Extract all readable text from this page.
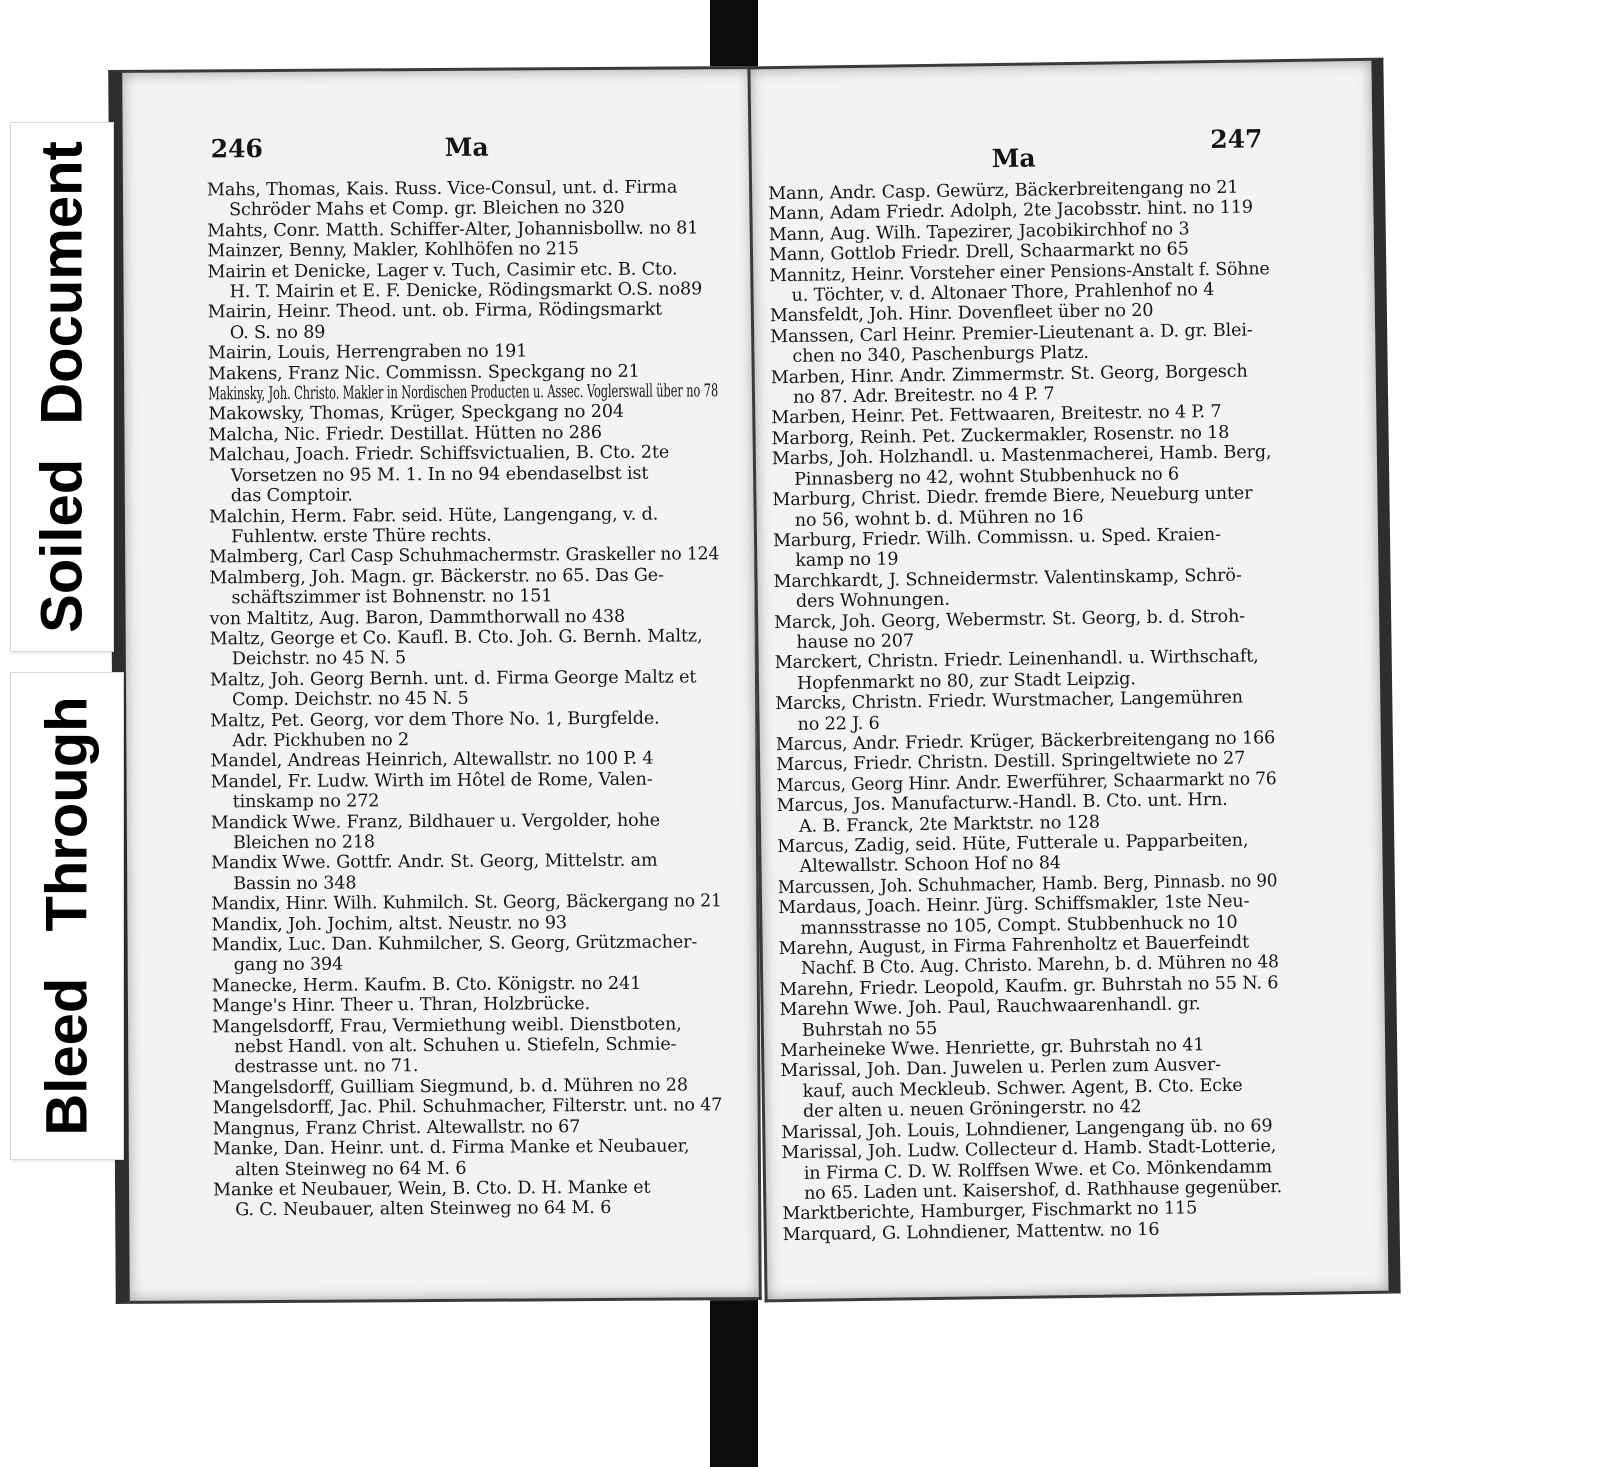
246	Ma
Mahs, Thomas, Kais. Russ. Vice-Consul, unt. d. Firma
Schröder Mahs et Comp. gr. Bleichen no 320
Mahts, Conr. Matth. Schiffer-Alter, Johannisbollw. no 81
Mainzer, Benny, Makler, Kohlhöfen no 215
Mairin et Denicke, Lager v. Tuch, Casimir etc. B. Cto.
H. T. Mairin et E. F. Denicke, Rödingsmarkt O.S. no89
Mairin, Heinr. Theod. unt. ob. Firma, Rödingsmarkt
O. S. no 89
Mairin, Louis, Herrengraben no 191
Makens, Franz Nic. Commissn. Speckgang no 21
Makinsky, Joh. Christo. Makler in Nordischen Producten u. Assec. Voglerswall über no 78
Makowsky, Thomas, Krüger, Speckgang no 204
Malcha, Nic. Friedr. Destillat. Hütten no 286
Malchau, Joach. Friedr. Schiffsvictualien, B. Cto. 2te
Vorsetzen no 95 M. 1. In no 94 ebendaselbst ist
das Comptoir.
Malchin, Herm. Fabr. seid. Hüte, Langengang, v. d.
Fuhlentw. erste Thüre rechts.
Malmberg, Carl Casp Schuhmachermstr. Graskeller no 124
Malmberg, Joh. Magn. gr. Bäckerstr. no 65. Das Ge-
schäftszimmer ist Bohnenstr. no 151
von Maltitz, Aug. Baron, Dammthorwall no 438
Maltz, George et Co. Kaufl. B. Cto. Joh. G. Bernh. Maltz,
Deichstr. no 45 N. 5
Maltz, Joh. Georg Bernh. unt. d. Firma George Maltz et
Comp. Deichstr. no 45 N. 5
Maltz, Pet. Georg, vor dem Thore No. 1, Burgfelde.
Adr. Pickhuben no 2
Mandel, Andreas Heinrich, Altewallstr. no 100 P. 4
Mandel, Fr. Ludw. Wirth im Hôtel de Rome, Valen-
tinskamp no 272
Mandick Wwe. Franz, Bildhauer u. Vergolder, hohe
Bleichen no 218
Mandix Wwe. Gottfr. Andr. St. Georg, Mittelstr. am
Bassin no 348
Mandix, Hinr. Wilh. Kuhmilch. St. Georg, Bäckergang no 21
Mandix, Joh. Jochim, altst. Neustr. no 93
Mandix, Luc. Dan. Kuhmilcher, S. Georg, Grützmacher-
gang no 394
Manecke, Herm. Kaufm. B. Cto. Königstr. no 241
Mange's Hinr. Theer u. Thran, Holzbrücke.
Mangelsdorff, Frau, Vermiethung weibl. Dienstboten,
nebst Handl. von alt. Schuhen u. Stiefeln, Schmie-
destrasse unt. no 71.
Mangelsdorff, Guilliam Siegmund, b. d. Mühren no 28
Mangelsdorff, Jac. Phil. Schuhmacher, Filterstr. unt. no 47
Mangnus, Franz Christ. Altewallstr. no 67
Manke, Dan. Heinr. unt. d. Firma Manke et Neubauer,
alten Steinweg no 64 M. 6
Manke et Neubauer, Wein, B. Cto. D. H. Manke et
G. C. Neubauer, alten Steinweg no 64 M. 6
Ma
247
Mann, Andr. Casp. Gewürz, Bäckerbreitengang no 21
Mann, Adam Friedr. Adolph, 2te Jacobsstr. hint. no 119
Mann, Aug. Wilh. Tapezirer, Jacobikirchhof no 3
Mann, Gottlob Friedr. Drell, Schaarmarkt no 65
Mannitz, Heinr. Vorsteher einer Pensions-Anstalt f. Söhne
u. Töchter, v. d. Altonaer Thore, Prahlenhof no 4
Mansfeldt, Joh. Hinr. Dovenfleet über no 20
Manssen, Carl Heinr. Premier-Lieutenant a. D. gr. Blei-
chen no 340, Paschenburgs Platz.
Marben, Hinr. Andr. Zimmermstr. St. Georg, Borgesch
no 87. Adr. Breitestr. no 4 P. 7
Marben, Heinr. Pet. Fettwaaren, Breitestr. no 4 P. 7
Marborg, Reinh. Pet. Zuckermakler, Rosenstr. no 18
Marbs, Joh. Holzhandl. u. Mastenmacherei, Hamb. Berg,
Pinnasberg no 42, wohnt Stubbenhuck no 6
Marburg, Christ. Diedr. fremde Biere, Neueburg unter
no 56, wohnt b. d. Mühren no 16
Marburg, Friedr. Wilh. Commissn. u. Sped. Kraien-
kamp no 19
Marchkardt, J. Schneidermstr. Valentinskamp, Schrö-
ders Wohnungen.
Marck, Joh. Georg, Webermstr. St. Georg, b. d. Stroh-
hause no 207
Marckert, Christn. Friedr. Leinenhandl. u. Wirthschaft,
Hopfenmarkt no 80, zur Stadt Leipzig.
Marcks, Christn. Friedr. Wurstmacher, Langemühren
no 22 J. 6
Marcus, Andr. Friedr. Krüger, Bäckerbreitengang no 166
Marcus, Friedr. Christn. Destill. Springeltwiete no 27
Marcus, Georg Hinr. Andr. Ewerführer, Schaarmarkt no 76
Marcus, Jos. Manufacturw.-Handl. B. Cto. unt. Hrn.
A. B. Franck, 2te Marktstr. no 128
Marcus, Zadig, seid. Hüte, Futterale u. Papparbeiten,
Altewallstr. Schoon Hof no 84
Marcussen, Joh. Schuhmacher, Hamb. Berg, Pinnasb. no 90
Mardaus, Joach. Heinr. Jürg. Schiffsmakler, 1ste Neu-
mannsstrasse no 105, Compt. Stubbenhuck no 10
Marehn, August, in Firma Fahrenholtz et Bauerfeindt
Nachf. B Cto. Aug. Christo. Marehn, b. d. Mühren no 48
Marehn, Friedr. Leopold, Kaufm. gr. Buhrstah no 55 N. 6
Marehn Wwe. Joh. Paul, Rauchwaarenhandl. gr.
Buhrstah no 55
Marheineke Wwe. Henriette, gr. Buhrstah no 41
Marissal, Joh. Dan. Juwelen u. Perlen zum Ausver-
kauf, auch Meckleub. Schwer. Agent, B. Cto. Ecke
der alten u. neuen Gröningerstr. no 42
Marissal, Joh. Louis, Lohndiener, Langengang üb. no 69
Marissal, Joh. Ludw. Collecteur d. Hamb. Stadt-Lotterie,
in Firma C. D. W. Rolffsen Wwe. et Co. Mönkendamm
no 65. Laden unt. Kaisershof, d. Rathhause gegenüber.
Marktberichte, Hamburger, Fischmarkt no 115
Marquard, G. Lohndiener, Mattentw. no 16
Soiled Document
Bleed Through
